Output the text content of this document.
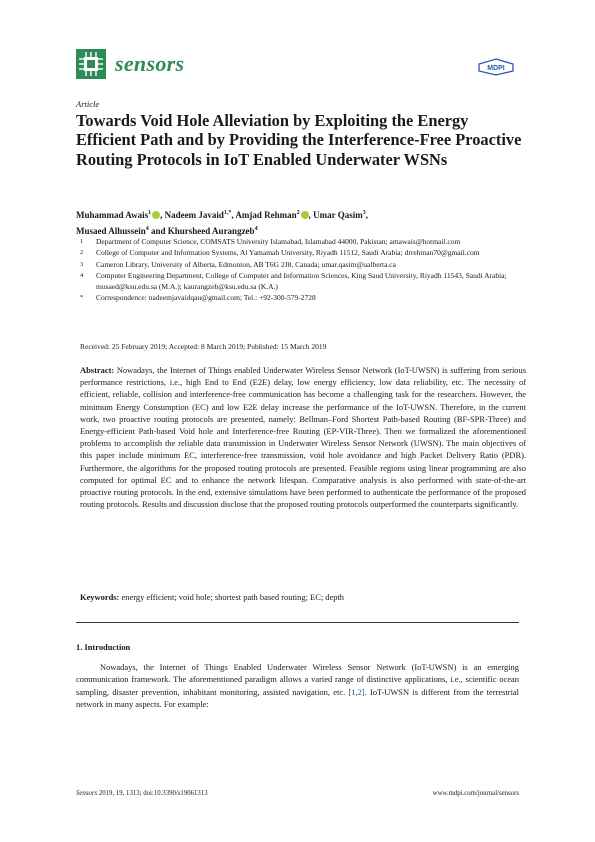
sensors	MDPI
Article
Towards Void Hole Alleviation by Exploiting the Energy Efficient Path and by Providing the Interference-Free Proactive Routing Protocols in IoT Enabled Underwater WSNs
Muhammad Awais$^1$ , Nadeem Javaid$^{1,*}$, Amjad Rehman$^2$ , Umar Qasim$^3$,
Musaed Alhussein$^4$ and Khursheed Aurangzeb$^4$
1	Department of Computer Science, COMSATS University Islamabad, Islamabad 44000, Pakistan; amawais@hotmail.com
2	College of Computer and Information Systems, Al Yamamah University, Riyadh 11512, Saudi Arabia; drrehman70@gmail.com
3	Cameron Library, University of Alberta, Edmonton, AB T6G 2J8, Canada; umar.qasim@ualberta.ca
4	Computer Engineering Department, College of Computer and Information Sciences, King Saud University, Riyadh 11543, Saudi Arabia; musaed@ksu.edu.sa (M.A.); kaurangzeb@ksu.edu.sa (K.A.)
*	Correspondence: nadeemjavaidqau@gmail.com; Tel.: +92-300-579-2728
Received: 25 February 2019; Accepted: 8 March 2019; Published: 15 March 2019
Abstract: Nowadays, the Internet of Things enabled Underwater Wireless Sensor Network (IoT-UWSN) is suffering from serious performance restrictions, i.e., high End to End (E2E) delay, low energy efficiency, low data reliability, etc. The necessity of efficient, reliable, collision and interference-free communication has become a challenging task for the researchers. However, the minimum Energy Consumption (EC) and low E2E delay increase the performance of the IoT-UWSN. Therefore, in the current work, two proactive routing protocols are presented, namely: Bellman–Ford Shortest Path-based Routing (BF-SPR-Three) and Energy-efficient Path-based Void hole and Interference-free Routing (EP-VIR-Three). Then we formalized the aforementioned problems to accomplish the reliable data transmission in Underwater Wireless Sensor Network (UWSN). The main objectives of this paper include minimum EC, interference-free transmission, void hole avoidance and high Packet Delivery Ratio (PDR). Furthermore, the algorithms for the proposed routing protocols are presented. Feasible regions using linear programming are also computed for optimal EC and to enhance the network lifespan. Comparative analysis is also performed with state-of-the-art proactive routing protocols. In the end, extensive simulations have been performed to authenticate the performance of the proposed routing protocols. Results and discussion disclose that the proposed routing protocols outperformed the counterparts significantly.
Keywords: energy efficient; void hole; shortest path based routing; EC; depth
1. Introduction
Nowadays, the Internet of Things Enabled Underwater Wireless Sensor Network (IoT-UWSN) is an emerging communication framework. The aforementioned paradigm allows a varied range of distinctive applications, i.e., scientific ocean sampling, disaster prevention, inhabitant monitoring, assisted navigation, etc. [1,2]. IoT-UWSN is different from the terrestrial network in many aspects. For example:
Sensors 2019, 19, 1313; doi:10.3390/s19061313	www.mdpi.com/journal/sensors
